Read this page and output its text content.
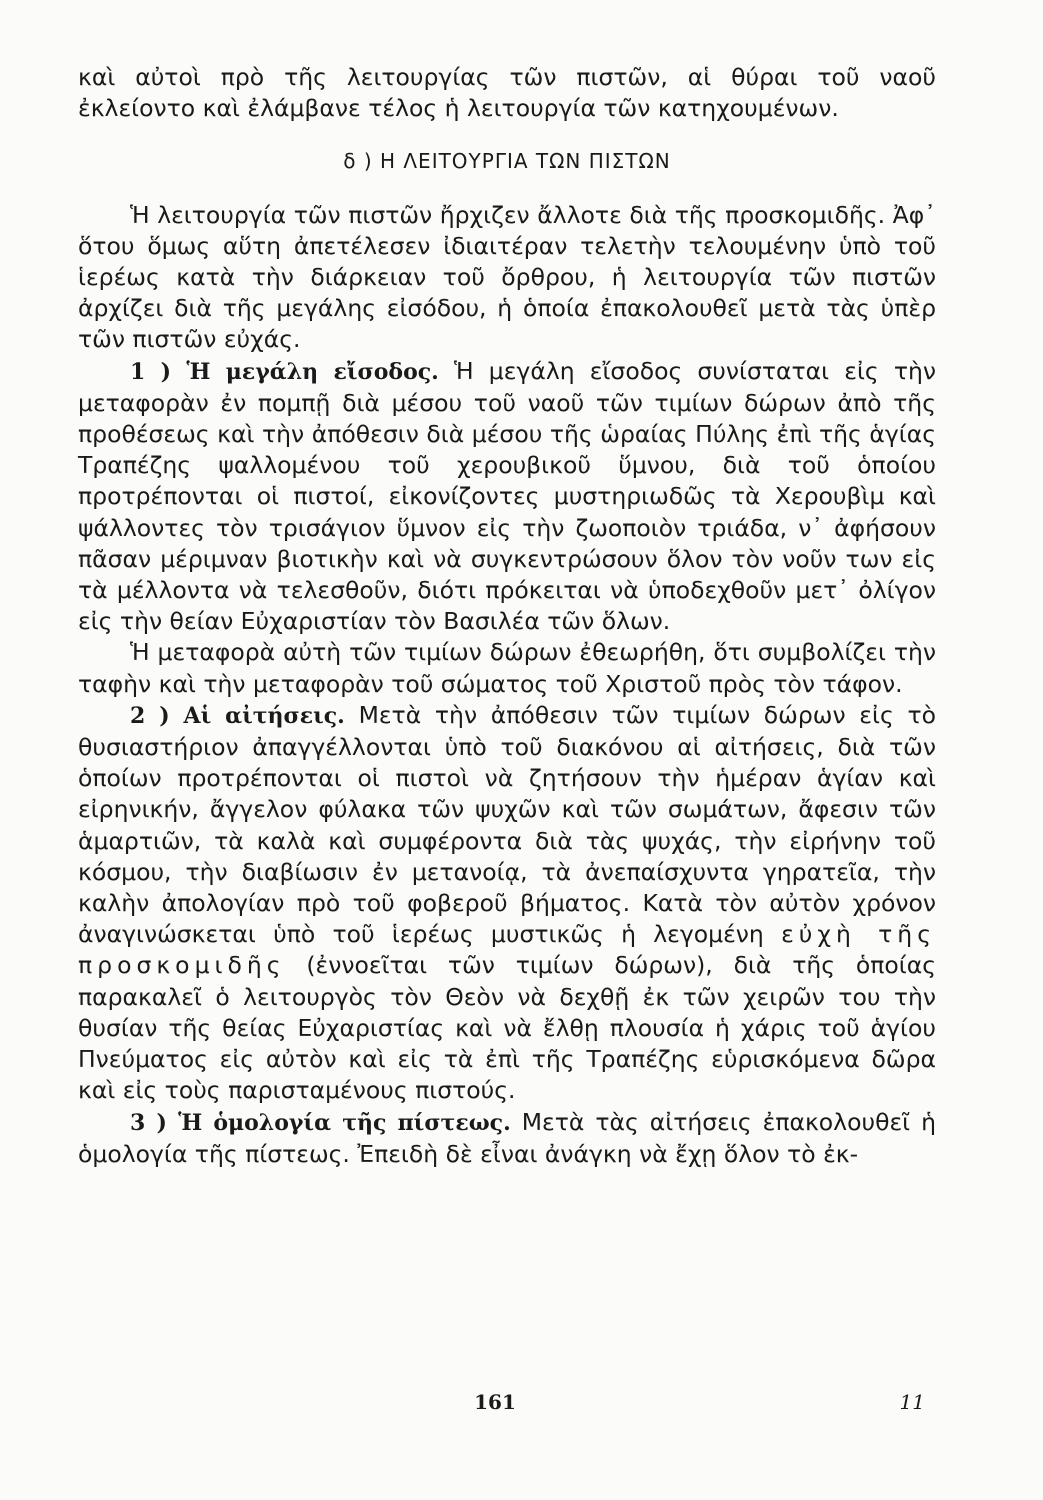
καὶ αὐτοὶ πρὸ τῆς λειτουργίας τῶν πιστῶν, αἱ θύραι τοῦ ναοῦ ἐκλείοντο καὶ ἐλάμβανε τέλος ἡ λειτουργία τῶν κατηχουμένων.

δ ) Η ΛΕΙΤΟΥΡΓΙΑ ΤΩΝ ΠΙΣΤΩΝ

Ἡ λειτουργία τῶν πιστῶν ἤρχιζεν ἄλλοτε διὰ τῆς προσκομιδῆς. Ἀφ᾽ ὅτου ὅμως αὕτη ἀπετέλεσεν ἰδιαιτέραν τελετὴν τελουμένην ὑπὸ τοῦ ἱερέως κατὰ τὴν διάρκειαν τοῦ ὄρθρου, ἡ λειτουργία τῶν πιστῶν ἀρχίζει διὰ τῆς μεγάλης εἰσόδου, ἡ ὁποία ἐπακολουθεῖ μετὰ τὰς ὑπὲρ τῶν πιστῶν εὐχάς.

1 ) Ἡ μεγάλη εἴσοδος. Ἡ μεγάλη εἴσοδος συνίσταται εἰς τὴν μεταφορὰν ἐν πομπῇ διὰ μέσου τοῦ ναοῦ τῶν τιμίων δώρων ἀπὸ τῆς προθέσεως καὶ τὴν ἀπόθεσιν διὰ μέσου τῆς ὡραίας Πύλης ἐπὶ τῆς ἁγίας Τραπέζης ψαλλομένου τοῦ χερουβικοῦ ὕμνου, διὰ τοῦ ὁποίου προτρέπονται οἱ πιστοί, εἰκονίζοντες μυστηριωδῶς τὰ Χερουβὶμ καὶ ψάλλοντες τὸν τρισάγιον ὕμνον εἰς τὴν ζωοποιὸν τριάδα, ν᾽ ἀφήσουν πᾶσαν μέριμναν βιοτικὴν καὶ νὰ συγκεντρώσουν ὅλον τὸν νοῦν των εἰς τὰ μέλλοντα νὰ τελεσθοῦν, διότι πρόκειται νὰ ὑποδεχθοῦν μετ᾽ ὀλίγον εἰς τὴν θείαν Εὐχαριστίαν τὸν Βασιλέα τῶν ὅλων.

Ἡ μεταφορὰ αὐτὴ τῶν τιμίων δώρων ἐθεωρήθη, ὅτι συμβολίζει τὴν ταφὴν καὶ τὴν μεταφορὰν τοῦ σώματος τοῦ Χριστοῦ πρὸς τὸν τάφον.

2 ) Αἱ αἰτήσεις. Μετὰ τὴν ἀπόθεσιν τῶν τιμίων δώρων εἰς τὸ θυσιαστήριον ἀπαγγέλλονται ὑπὸ τοῦ διακόνου αἱ αἰτήσεις, διὰ τῶν ὁποίων προτρέπονται οἱ πιστοὶ νὰ ζητήσουν τὴν ἡμέραν ἁγίαν καὶ εἰρηνικήν, ἄγγελον φύλακα τῶν ψυχῶν καὶ τῶν σωμάτων, ἄφεσιν τῶν ἁμαρτιῶν, τὰ καλὰ καὶ συμφέροντα διὰ τὰς ψυχάς, τὴν εἰρήνην τοῦ κόσμου, τὴν διαβίωσιν ἐν μετανοίᾳ, τὰ ἀνεπαίσχυντα γηρατεῖα, τὴν καλὴν ἀπολογίαν πρὸ τοῦ φοβεροῦ βήματος. Κατὰ τὸν αὐτὸν χρόνον ἀναγινώσκεται ὑπὸ τοῦ ἱερέως μυστικῶς ἡ λεγομένη εὐχὴ τῆς προσκομιδῆς (ἐννοεῖται τῶν τιμίων δώρων), διὰ τῆς ὁποίας παρακαλεῖ ὁ λειτουργὸς τὸν Θεὸν νὰ δεχθῇ ἐκ τῶν χειρῶν του τὴν θυσίαν τῆς θείας Εὐχαριστίας καὶ νὰ ἔλθῃ πλουσία ἡ χάρις τοῦ ἁγίου Πνεύματος εἰς αὐτὸν καὶ εἰς τὰ ἐπὶ τῆς Τραπέζης εὑρισκόμενα δῶρα καὶ εἰς τοὺς παρισταμένους πιστούς.

3 ) Ἡ ὁμολογία τῆς πίστεως. Μετὰ τὰς αἰτήσεις ἐπακολουθεῖ ἡ ὁμολογία τῆς πίστεως. Ἐπειδὴ δὲ εἶναι ἀνάγκη νὰ ἔχῃ ὅλον τὸ ἐκ-

161	11
